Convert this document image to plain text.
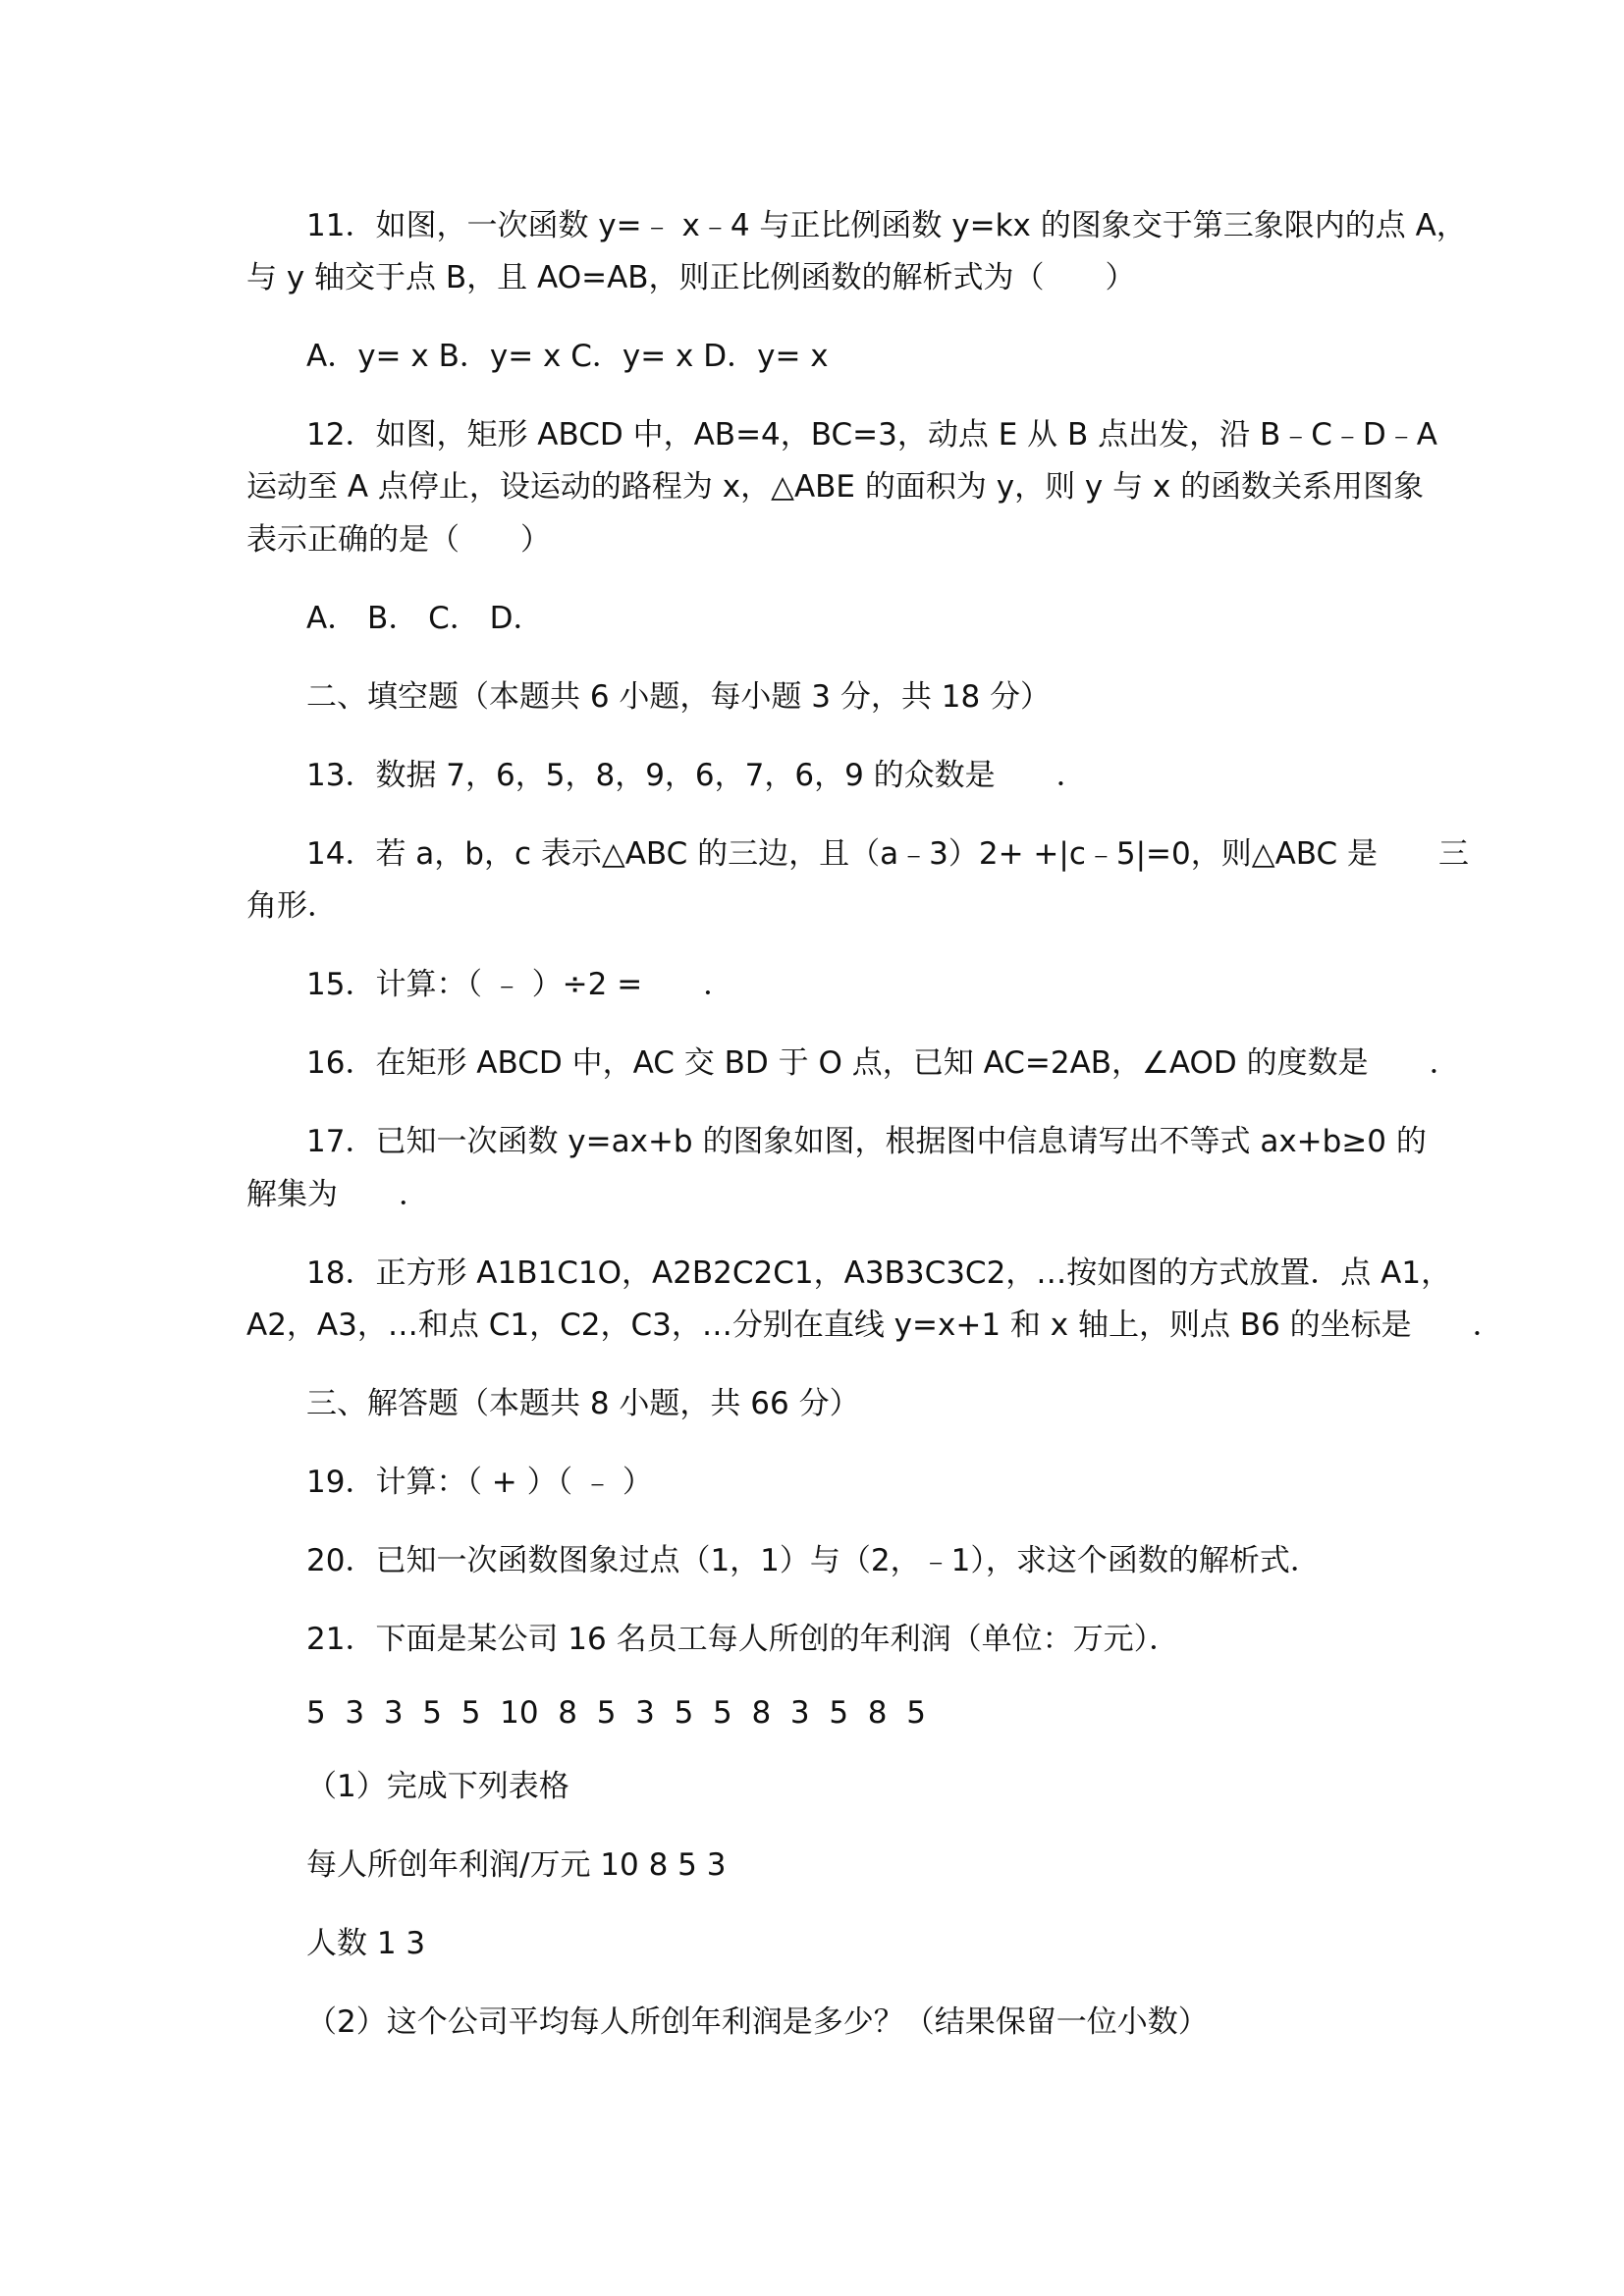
11．如图，一次函数 y=﹣ x﹣4 与正比例函数 y=kx 的图象交于第三象限内的点 A，
与 y 轴交于点 B，且 AO=AB，则正比例函数的解析式为（　　）
A．y= x B．y= x C．y= x D．y= x
12．如图，矩形 ABCD 中，AB=4，BC=3，动点 E 从 B 点出发，沿 B﹣C﹣D﹣A
运动至 A 点停止，设运动的路程为 x，△ABE 的面积为 y，则 y 与 x 的函数关系用图象
表示正确的是（　　）
A． B． C． D．
二、填空题（本题共 6 小题，每小题 3 分，共 18 分）
13．数据 7，6，5，8，9，6，7，6，9 的众数是　　．
14．若 a，b，c 表示△ABC 的三边，且（a﹣3）2+ +|c﹣5|=0，则△ABC 是　　三
角形．
15．计算：（ ﹣ ）÷2 =　　．
16．在矩形 ABCD 中，AC 交 BD 于 O 点，已知 AC=2AB，∠AOD 的度数是　　．
17．已知一次函数 y=ax+b 的图象如图，根据图中信息请写出不等式 ax+b≥0 的
解集为　　．
18．正方形 A1B1C1O，A2B2C2C1，A3B3C3C2，…按如图的方式放置．点 A1，
A2，A3，…和点 C1，C2，C3，…分别在直线 y=x+1 和 x 轴上，则点 B6 的坐标是　　．
三、解答题（本题共 8 小题，共 66 分）
19．计算：（ + ）（ ﹣ ）
20．已知一次函数图象过点（1，1）与（2，﹣1），求这个函数的解析式．
21．下面是某公司 16 名员工每人所创的年利润（单位：万元）．
5  3  3  5  5  10  8  5  3  5  5  8  3  5  8  5
（1）完成下列表格
每人所创年利润/万元 10 8 5 3
人数 1 3
（2）这个公司平均每人所创年利润是多少？（结果保留一位小数）
